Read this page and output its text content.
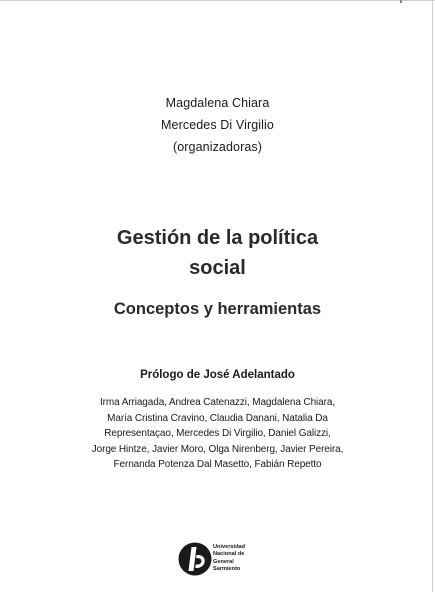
Magdalena Chiara
Mercedes Di Virgilio
(organizadoras)
Gestión de la política
social
Conceptos y herramientas
Prólogo de José Adelantado
Irma Arriagada, Andrea Catenazzi, Magdalena Chiara,
María Cristina Cravino, Claudia Danani, Natalia Da
Representaçao, Mercedes Di Virgilio, Daniel Galizzi,
Jorge Hintze, Javier Moro, Olga Nirenberg, Javier Pereira,
Fernanda Potenza Dal Masetto, Fabián Repetto
Universidad
Nacional de
General
Sarmiento
